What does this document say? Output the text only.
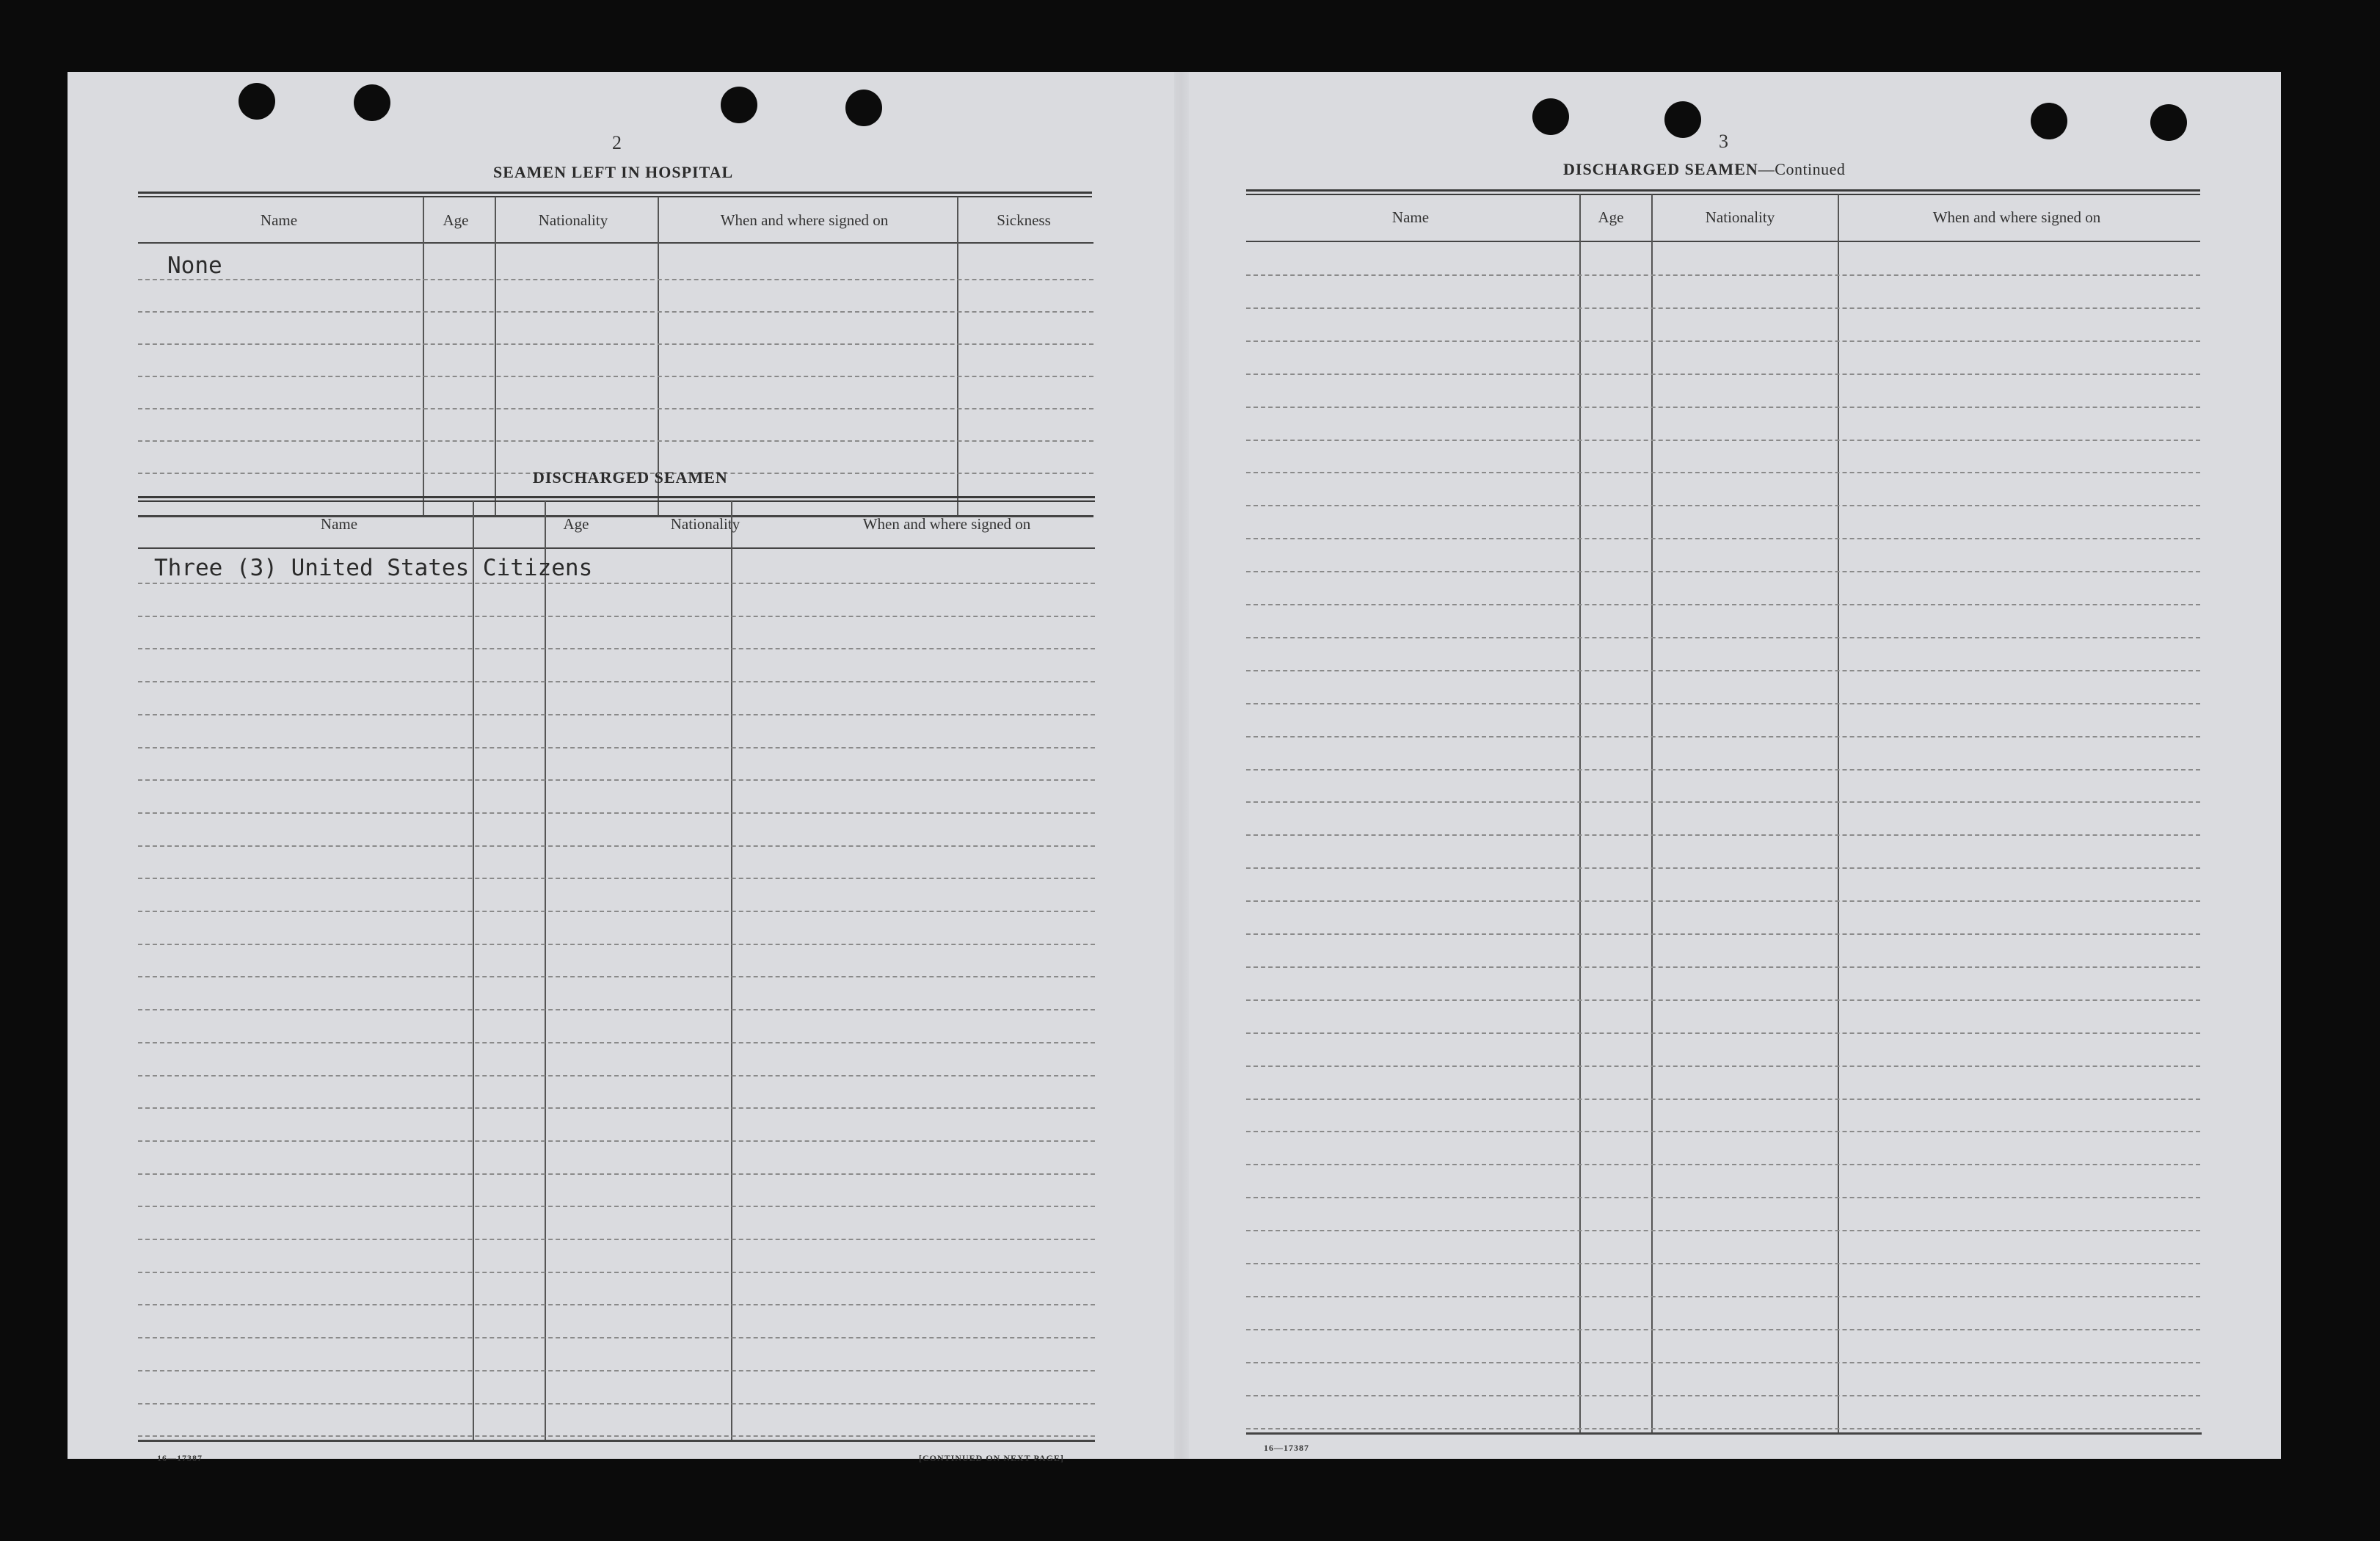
2
SEAMEN LEFT IN HOSPITAL
Name	Age	Nationality	When and where signed on	Sickness
None
DISCHARGED SEAMEN
Name	Age	Nationality	When and where signed on
Three (3) United States Citizens
16—17387	[CONTINUED ON NEXT PAGE]
3
DISCHARGED SEAMEN—Continued
Name	Age	Nationality	When and where signed on
16—17387
